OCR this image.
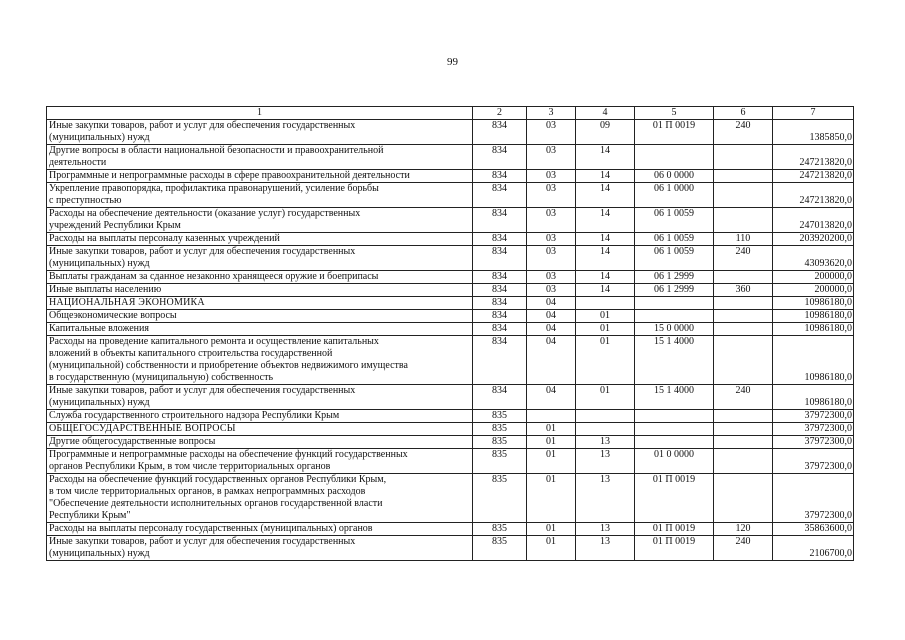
99
1	2	3	4	5	6	7
Иные закупки товаров, работ и услуг для обеспечения государственных
(муниципальных) нужд	834	03	09	01 П 0019	240	1385850,0
Другие вопросы в области национальной безопасности и правоохранительной
деятельности	834	03	14			247213820,0
Программные и непрограммные расходы в сфере правоохранительной деятельности	834	03	14	06 0 0000		247213820,0
Укрепление правопорядка, профилактика правонарушений, усиление борьбы
с преступностью	834	03	14	06 1 0000		247213820,0
Расходы на обеспечение деятельности (оказание услуг) государственных
учреждений Республики Крым	834	03	14	06 1 0059		247013820,0
Расходы на выплаты персоналу казенных учреждений	834	03	14	06 1 0059	110	203920200,0
Иные закупки товаров, работ и услуг для обеспечения государственных
(муниципальных) нужд	834	03	14	06 1 0059	240	43093620,0
Выплаты гражданам за сданное незаконно хранящееся оружие и боеприпасы	834	03	14	06 1 2999		200000,0
Иные выплаты населению	834	03	14	06 1 2999	360	200000,0
НАЦИОНАЛЬНАЯ ЭКОНОМИКА	834	04				10986180,0
Общеэкономические вопросы	834	04	01			10986180,0
Капитальные вложения	834	04	01	15 0 0000		10986180,0
Расходы на проведение капитального ремонта и осуществление капитальных
вложений в объекты капитального строительства государственной
(муниципальной) собственности и приобретение объектов недвижимого имущества
в государственную (муниципальную) собственность	834	04	01	15 1 4000		10986180,0
Иные закупки товаров, работ и услуг для обеспечения государственных
(муниципальных) нужд	834	04	01	15 1 4000	240	10986180,0
Служба государственного строительного надзора Республики Крым	835					37972300,0
ОБЩЕГОСУДАРСТВЕННЫЕ ВОПРОСЫ	835	01				37972300,0
Другие общегосударственные вопросы	835	01	13			37972300,0
Программные и непрограммные расходы на обеспечение функций государственных
органов Республики Крым, в том числе территориальных органов	835	01	13	01 0 0000		37972300,0
Расходы на обеспечение функций государственных органов Республики Крым,
в том числе территориальных органов, в рамках непрограммных расходов
"Обеспечение деятельности исполнительных органов государственной власти
Республики Крым"	835	01	13	01 П 0019		37972300,0
Расходы на выплаты персоналу государственных (муниципальных) органов	835	01	13	01 П 0019	120	35863600,0
Иные закупки товаров, работ и услуг для обеспечения государственных
(муниципальных) нужд	835	01	13	01 П 0019	240	2106700,0
